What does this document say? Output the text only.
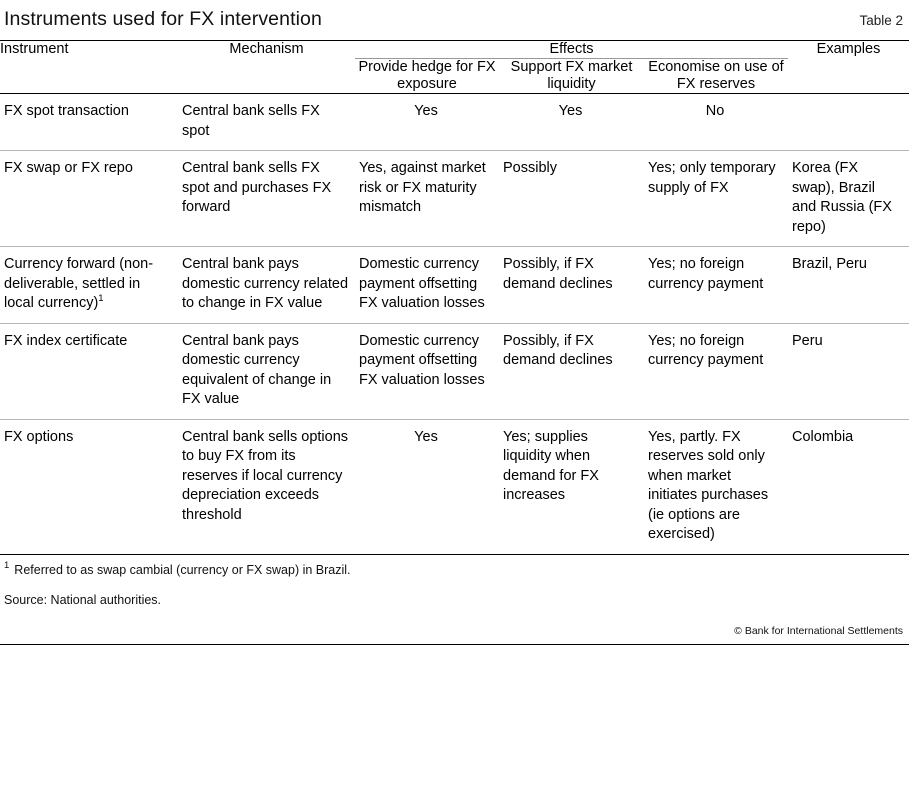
Instruments used for FX intervention	Table 2
Instrument	Mechanism	Effects			Examples
		Provide hedge for FX exposure	Support FX market liquidity	Economise on use of FX reserves	
FX spot transaction	Central bank sells FX spot	Yes	Yes	No	
FX swap or FX repo	Central bank sells FX spot and purchases FX forward	Yes, against market risk or FX maturity mismatch	Possibly	Yes; only temporary supply of FX	Korea (FX swap), Brazil and Russia (FX repo)
Currency forward (non-deliverable, settled in local currency)$^1$	Central bank pays domestic currency related to change in FX value	Domestic currency payment offsetting FX valuation losses	Possibly, if FX demand declines	Yes; no foreign currency payment	Brazil, Peru
FX index certificate	Central bank pays domestic currency equivalent of change in FX value	Domestic currency payment offsetting FX valuation losses	Possibly, if FX demand declines	Yes; no foreign currency payment	Peru
FX options	Central bank sells options to buy FX from its reserves if local currency depreciation exceeds threshold	Yes	Yes; supplies liquidity when demand for FX increases	Yes, partly. FX reserves sold only when market initiates purchases (ie options are exercised)	Colombia
$^1$ Referred to as swap cambial (currency or FX swap) in Brazil.
Source: National authorities.
© Bank for International Settlements
